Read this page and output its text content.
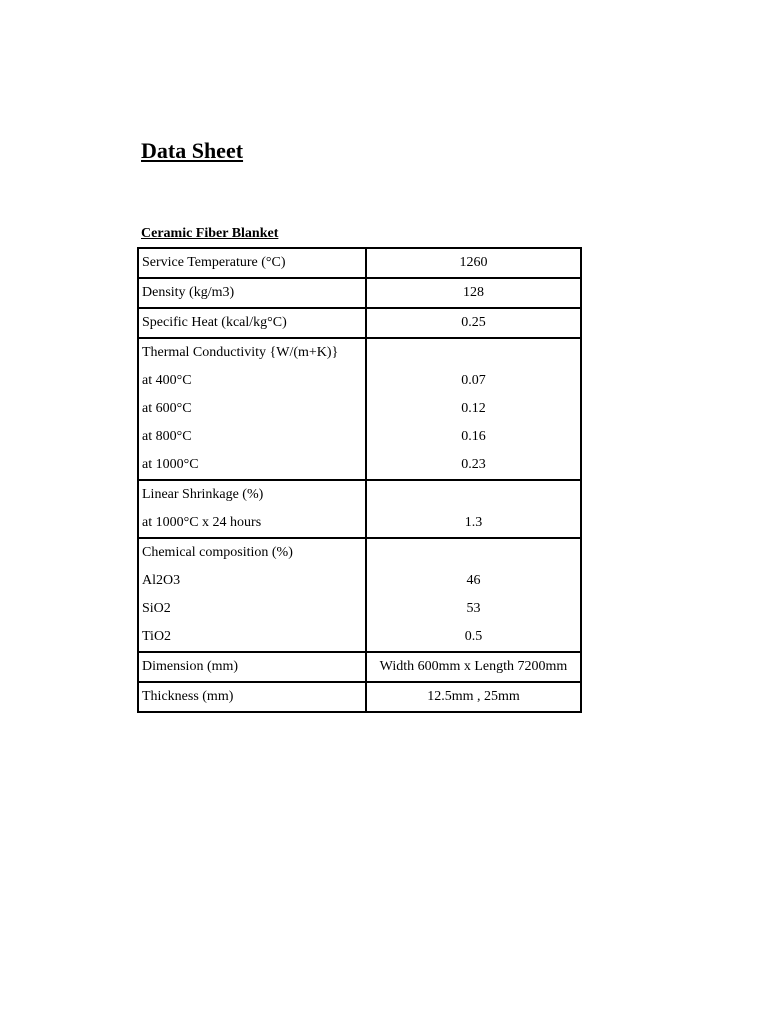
Data Sheet
Ceramic Fiber Blanket
Service Temperature (°C)	1260
Density (kg/m3)	128
Specific Heat (kcal/kg°C)	0.25
Thermal Conductivity {W/(m+K)}	
at 400°C	0.07
at 600°C	0.12
at 800°C	0.16
at 1000°C	0.23
Linear Shrinkage (%)	
at 1000°C x 24 hours	1.3
Chemical composition (%)	
Al2O3	46
SiO2	53
TiO2	0.5
Dimension (mm)	Width 600mm x Length 7200mm
Thickness (mm)	12.5mm , 25mm
